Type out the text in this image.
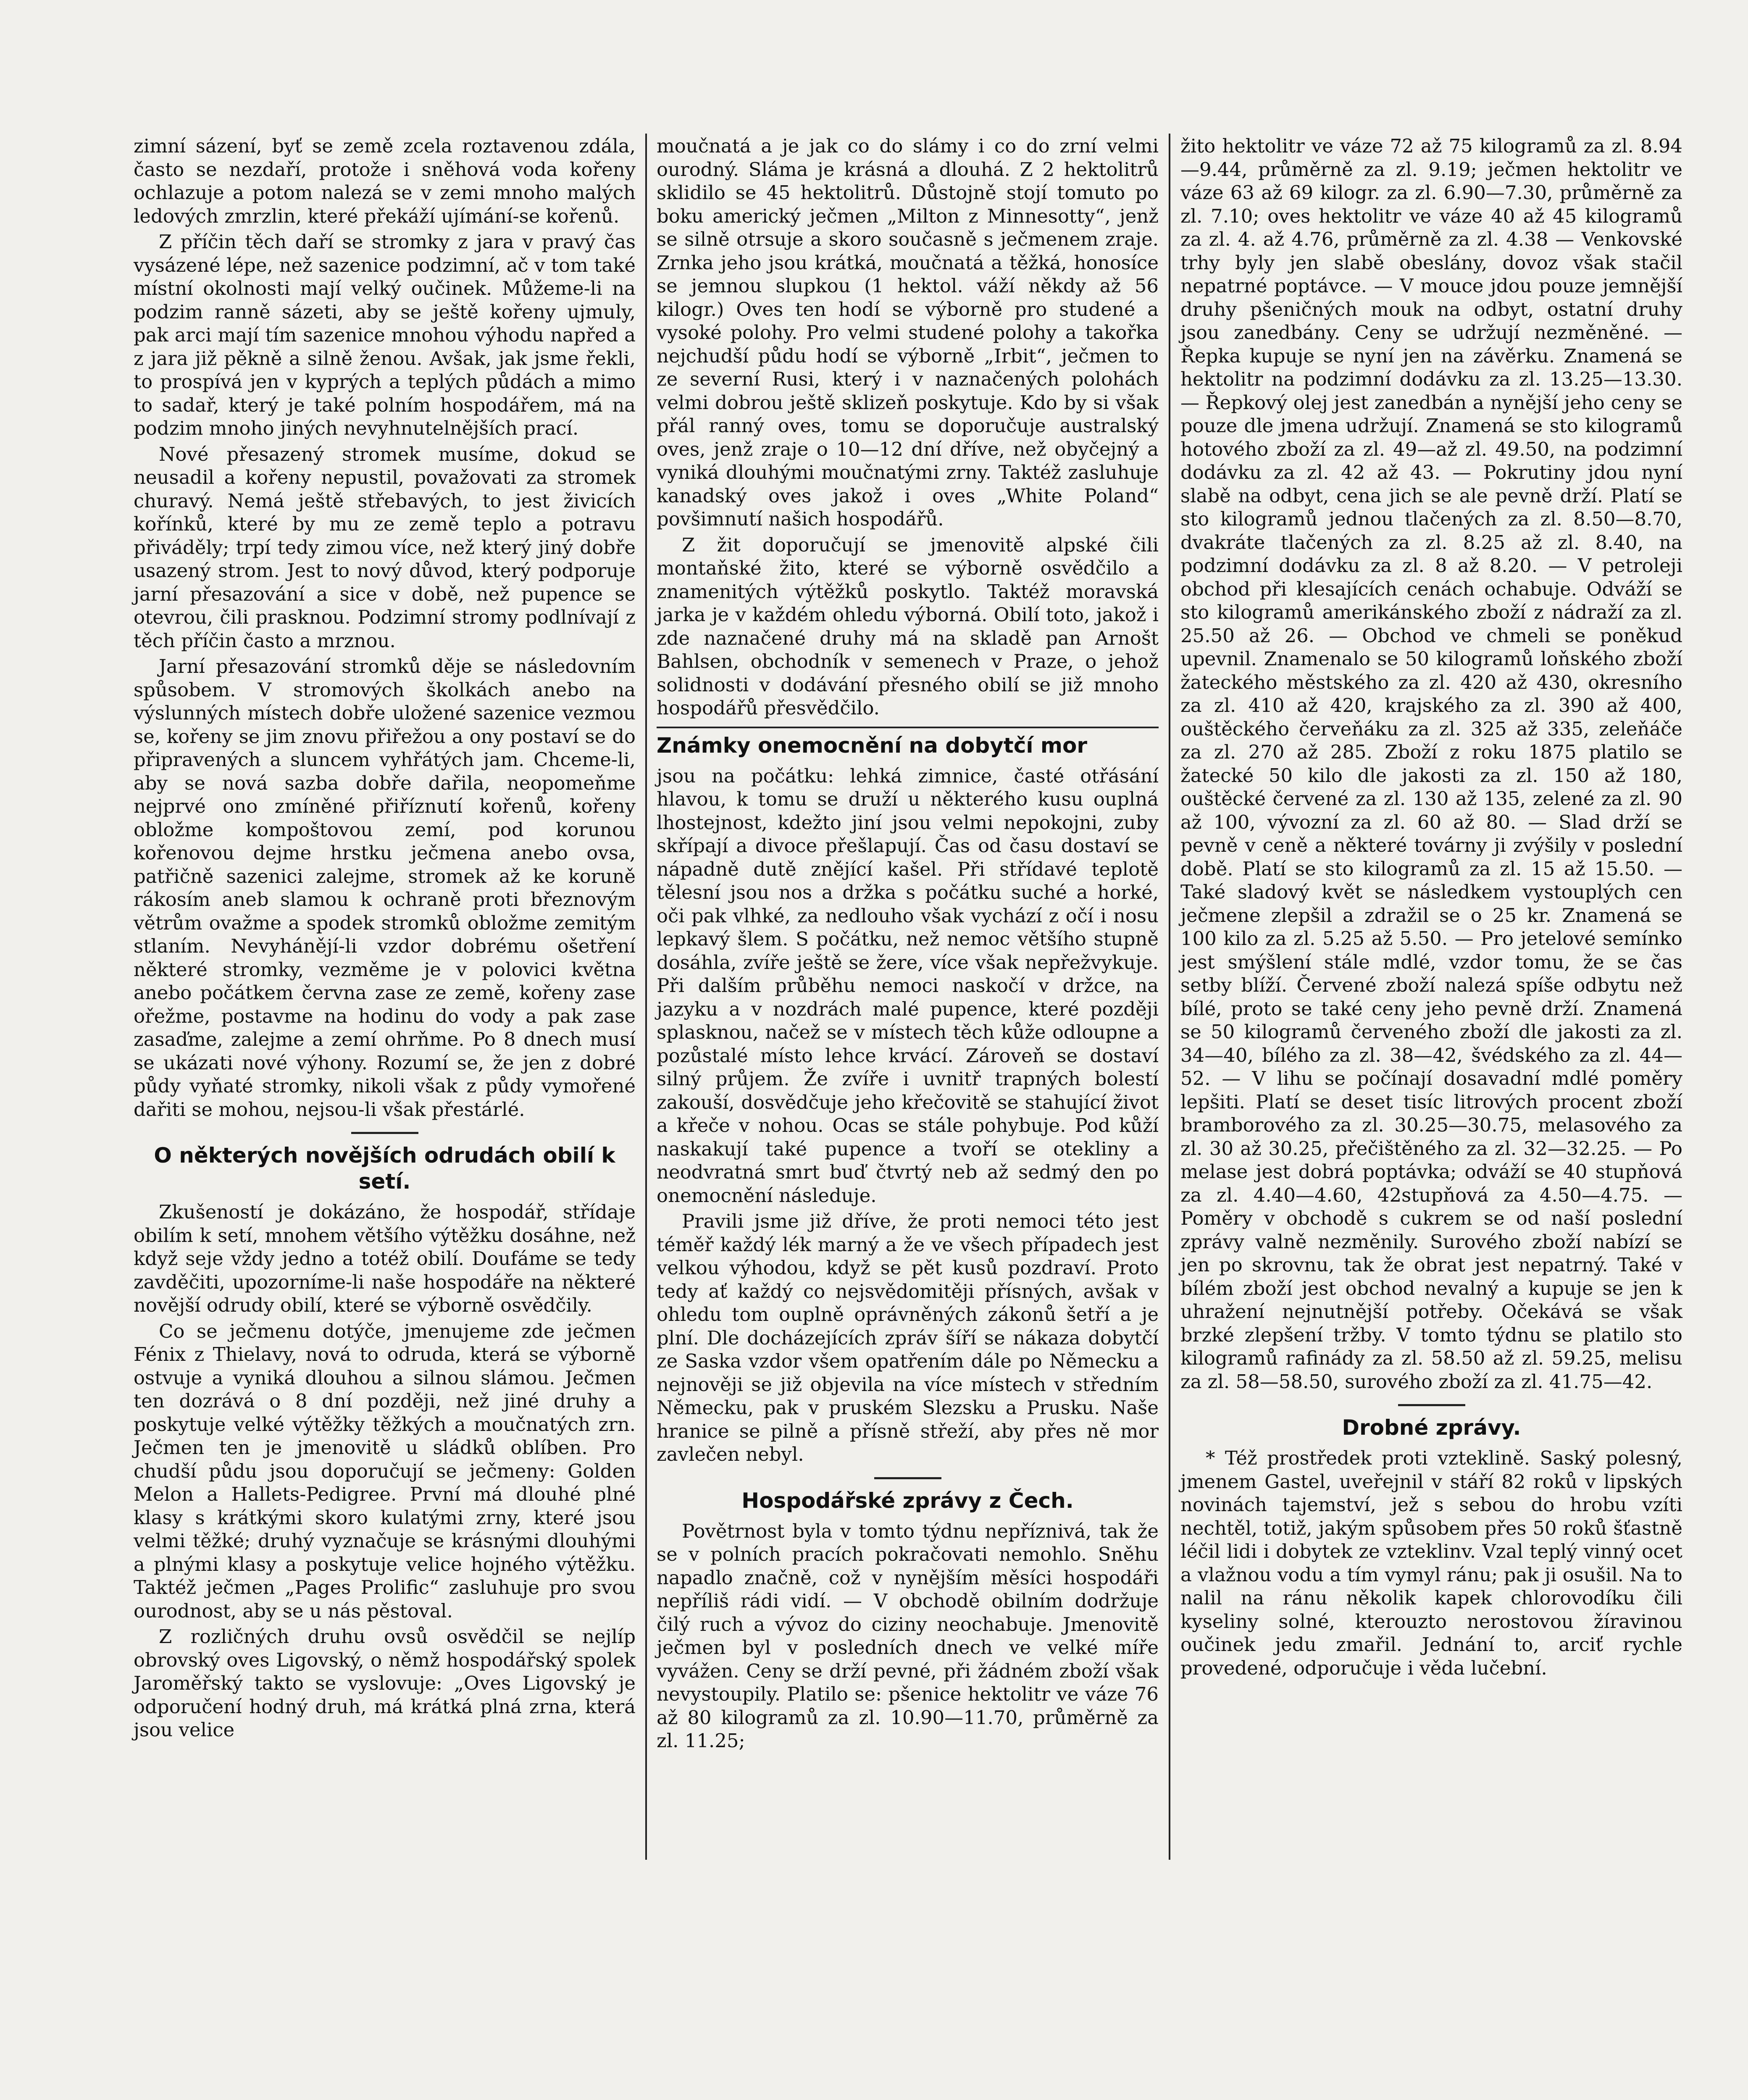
zimní sázení, byť se země zcela roztavenou zdála, často se nezdaří, protože i sněhová voda kořeny ochlazuje a potom nalezá se v zemi mnoho malých ledových zmrzlin, které překáží ujímání-se kořenů.

Z příčin těch daří se stromky z jara v pravý čas vysázené lépe, než sazenice podzimní, ač v tom také místní okolnosti mají velký oučinek. Můžeme-li na podzim ranně sázeti, aby se ještě kořeny ujmuly, pak arci mají tím sazenice mnohou výhodu napřed a z jara již pěkně a silně ženou. Avšak, jak jsme řekli, to prospívá jen v kyprých a teplých půdách a mimo to sadař, který je také polním hospodářem, má na podzim mnoho jiných nevyhnutelnějších prací.

Nové přesazený stromek musíme, dokud se neusadil a kořeny nepustil, považovati za stromek churavý. Nemá ještě střebavých, to jest živicích kořínků, které by mu ze země teplo a potravu přiváděly; trpí tedy zimou více, než který jiný dobře usazený strom. Jest to nový důvod, který podporuje jarní přesazování a sice v době, než pupence se otevrou, čili prasknou. Podzimní stromy podlnívají z těch příčin často a mrznou.

Jarní přesazování stromků děje se následovním spůsobem. V stromových školkách anebo na výslunných místech dobře uložené sazenice vezmou se, kořeny se jim znovu přiřežou a ony postaví se do připravených a sluncem vyhřátých jam. Chceme-li, aby se nová sazba dobře dařila, neopomeňme nejprvé ono zmíněné přiříznutí kořenů, kořeny obložme kompoštovou zemí, pod korunou kořenovou dejme hrstku ječmena anebo ovsa, patřičně sazenici zalejme, stromek až ke koruně rákosím aneb slamou k ochraně proti březnovým větrům ovažme a spodek stromků obložme zemitým stlaním. Nevyhánějí-li vzdor dobrému ošetření některé stromky, vezměme je v polovici května anebo počátkem června zase ze země, kořeny zase ořežme, postavme na hodinu do vody a pak zase zasaďme, zalejme a zemí ohrňme. Po 8 dnech musí se ukázati nové výhony. Rozumí se, že jen z dobré půdy vyňaté stromky, nikoli však z půdy vymořené dařiti se mohou, nejsou-li však přestárlé.

O některých novějších odrudách obilí k setí.

Zkušeností je dokázáno, že hospodář, střídaje obilím k setí, mnohem většího výtěžku dosáhne, než když seje vždy jedno a totéž obilí. Doufáme se tedy zavděčiti, upozorníme-li naše hospodáře na některé novější odrudy obilí, které se výborně osvědčily.

Co se ječmenu dotýče, jmenujeme zde ječmen Fénix z Thielavy, nová to odruda, která se výborně ostvuje a vyniká dlouhou a silnou slámou. Ječmen ten dozrává o 8 dní později, než jiné druhy a poskytuje velké výtěžky těžkých a moučnatých zrn. Ječmen ten je jmenovitě u sládků oblíben. Pro chudší půdu jsou doporučují se ječmeny: Golden Melon a Hallets-Pedigree. První má dlouhé plné klasy s krátkými skoro kulatými zrny, které jsou velmi těžké; druhý vyznačuje se krásnými dlouhými a plnými klasy a poskytuje velice hojného výtěžku. Taktéž ječmen „Pages Prolific“ zasluhuje pro svou ourodnost, aby se u nás pěstoval.

Z rozličných druhu ovsů osvědčil se nejlíp obrovský oves Ligovský, o němž hospodářský spolek Jaroměřský takto se vyslovuje: „Oves Ligovský je odporučení hodný druh, má krátká plná zrna, která jsou velice

moučnatá a je jak co do slámy i co do zrní velmi ourodný. Sláma je krásná a dlouhá. Z 2 hektolitrů sklidilo se 45 hektolitrů. Důstojně stojí tomuto po boku americký ječmen „Milton z Minnesotty“, jenž se silně otrsuje a skoro současně s ječmenem zraje. Zrnka jeho jsou krátká, moučnatá a těžká, honosíce se jemnou slupkou (1 hektol. váží někdy až 56 kilogr.) Oves ten hodí se výborně pro studené a vysoké polohy. Pro velmi studené polohy a takořka nejchudší půdu hodí se výborně „Irbit“, ječmen to ze severní Rusi, který i v naznačených polohách velmi dobrou ještě sklizeň poskytuje. Kdo by si však přál ranný oves, tomu se doporučuje australský oves, jenž zraje o 10—12 dní dříve, než obyčejný a vyniká dlouhými moučnatými zrny. Taktéž zasluhuje kanadský oves jakož i oves „White Poland“ povšimnutí našich hospodářů.

Z žit doporučují se jmenovitě alpské čili montaňské žito, které se výborně osvědčilo a znamenitých výtěžků poskytlo. Taktéž moravská jarka je v každém ohledu výborná. Obilí toto, jakož i zde naznačené druhy má na skladě pan Arnošt Bahlsen, obchodník v semenech v Praze, o jehož solidnosti v dodávání přesného obilí se již mnoho hospodářů přesvědčilo.

Známky onemocnění na dobytčí mor

jsou na počátku: lehká zimnice, časté otřásání hlavou, k tomu se druží u některého kusu ouplná lhostejnost, kdežto jiní jsou velmi nepokojni, zuby skřípají a divoce přešlapují. Čas od času dostaví se nápadně dutě znějící kašel. Při střídavé teplotě tělesní jsou nos a držka s počátku suché a horké, oči pak vlhké, za nedlouho však vychází z očí i nosu lepkavý šlem. S počátku, než nemoc většího stupně dosáhla, zvíře ještě se žere, více však nepřežvykuje. Při dalším průběhu nemoci naskočí v držce, na jazyku a v nozdrách malé pupence, které později splasknou, načež se v místech těch kůže odloupne a pozůstalé místo lehce krvácí. Zároveň se dostaví silný průjem. Že zvíře i uvnitř trapných bolestí zakouší, dosvědčuje jeho křečovitě se stahující život a křeče v nohou. Ocas se stále pohybuje. Pod kůží naskakují také pupence a tvoří se otekliny a neodvratná smrt buď čtvrtý neb až sedmý den po onemocnění následuje.

Pravili jsme již dříve, že proti nemoci této jest téměř každý lék marný a že ve všech případech jest velkou výhodou, když se pět kusů pozdraví. Proto tedy ať každý co nejsvědomitěji přísných, avšak v ohledu tom ouplně oprávněných zákonů šetří a je plní. Dle docházejících zpráv šíří se nákaza dobytčí ze Saska vzdor všem opatřením dále po Německu a nejnověji se již objevila na více místech v středním Německu, pak v pruském Slezsku a Prusku. Naše hranice se pilně a přísně střeží, aby přes ně mor zavlečen nebyl.

Hospodářské zprávy z Čech.

Povětrnost byla v tomto týdnu nepříznivá, tak že se v polních pracích pokračovati nemohlo. Sněhu napadlo značně, což v nynějším měsíci hospodáři nepříliš rádi vidí. — V obchodě obilním dodržuje čilý ruch a vývoz do ciziny neochabuje. Jmenovitě ječmen byl v posledních dnech ve velké míře vyvážen. Ceny se drží pevné, při žádném zboží však nevystoupily. Platilo se: pšenice hektolitr ve váze 76 až 80 kilogramů za zl. 10.90—11.70, průměrně za zl. 11.25;

žito hektolitr ve váze 72 až 75 kilogramů za zl. 8.94—9.44, průměrně za zl. 9.19; ječmen hektolitr ve váze 63 až 69 kilogr. za zl. 6.90—7.30, průměrně za zl. 7.10; oves hektolitr ve váze 40 až 45 kilogramů za zl. 4. až 4.76, průměrně za zl. 4.38 — Venkovské trhy byly jen slabě obeslány, dovoz však stačil nepatrné poptávce. — V mouce jdou pouze jemnější druhy pšeničných mouk na odbyt, ostatní druhy jsou zanedbány. Ceny se udržují nezměněné. — Řepka kupuje se nyní jen na závěrku. Znamená se hektolitr na podzimní dodávku za zl. 13.25—13.30. — Řepkový olej jest zanedbán a nynější jeho ceny se pouze dle jmena udržují. Znamená se sto kilogramů hotového zboží za zl. 49—až zl. 49.50, na podzimní dodávku za zl. 42 až 43. — Pokrutiny jdou nyní slabě na odbyt, cena jich se ale pevně drží. Platí se sto kilogramů jednou tlačených za zl. 8.50—8.70, dvakráte tlačených za zl. 8.25 až zl. 8.40, na podzimní dodávku za zl. 8 až 8.20. — V petroleji obchod při klesajících cenách ochabuje. Odváží se sto kilogramů amerikánského zboží z nádraží za zl. 25.50 až 26. — Obchod ve chmeli se poněkud upevnil. Znamenalo se 50 kilogramů loňského zboží žateckého městského za zl. 420 až 430, okresního za zl. 410 až 420, krajského za zl. 390 až 400, ouštěckého červeňáku za zl. 325 až 335, zeleňáče za zl. 270 až 285. Zboží z roku 1875 platilo se žatecké 50 kilo dle jakosti za zl. 150 až 180, ouštěcké červené za zl. 130 až 135, zelené za zl. 90 až 100, vývozní za zl. 60 až 80. — Slad drží se pevně v ceně a některé továrny ji zvýšily v poslední době. Platí se sto kilogramů za zl. 15 až 15.50. — Také sladový květ se následkem vystouplých cen ječmene zlepšil a zdražil se o 25 kr. Znamená se 100 kilo za zl. 5.25 až 5.50. — Pro jetelové semínko jest smýšlení stále mdlé, vzdor tomu, že se čas setby blíží. Červené zboží nalezá spíše odbytu než bílé, proto se také ceny jeho pevně drží. Znamená se 50 kilogramů červeného zboží dle jakosti za zl. 34—40, bílého za zl. 38—42, švédského za zl. 44—52. — V lihu se počínají dosavadní mdlé poměry lepšiti. Platí se deset tisíc litrových procent zboží bramborového za zl. 30.25—30.75, melasového za zl. 30 až 30.25, přečištěného za zl. 32—32.25. — Po melase jest dobrá poptávka; odváží se 40 stupňová za zl. 4.40—4.60, 42stupňová za 4.50—4.75. — Poměry v obchodě s cukrem se od naší poslední zprávy valně nezměnily. Surového zboží nabízí se jen po skrovnu, tak že obrat jest nepatrný. Také v bílém zboží jest obchod nevalný a kupuje se jen k uhražení nejnutnější potřeby. Očekává se však brzké zlepšení tržby. V tomto týdnu se platilo sto kilogramů rafinády za zl. 58.50 až zl. 59.25, melisu za zl. 58—58.50, surového zboží za zl. 41.75—42.

Drobné zprávy.

* Též prostředek proti vzteklině. Saský polesný, jmenem Gastel, uveřejnil v stáří 82 roků v lipských novinách tajemství, jež s sebou do hrobu vzíti nechtěl, totiž, jakým spůsobem přes 50 roků šťastně léčil lidi i dobytek ze vzteklinv. Vzal teplý vinný ocet a vlažnou vodu a tím vymyl ránu; pak ji osušil. Na to nalil na ránu několik kapek chlorovodíku čili kyseliny solné, kterouzto nerostovou žíravinou oučinek jedu zmařil. Jednání to, arciť rychle provedené, odporučuje i věda lučební.
